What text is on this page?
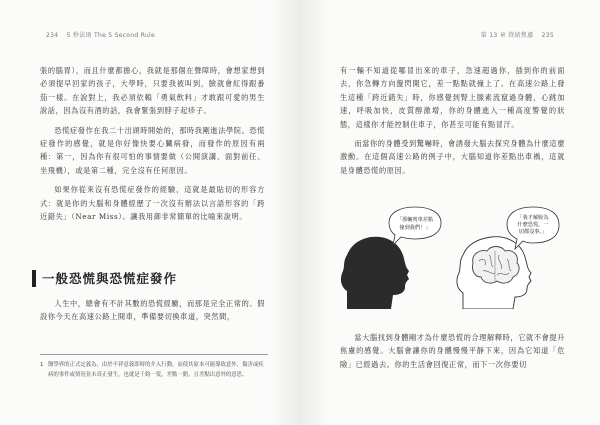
234 5 秒法則 The 5 Second Rule

張的腦胃），而且什麼都擔心，我就是那個在聲障時，會想家想到必須提早回家的孩子，大學時，只要我被叫到，臉就會紅得跟番茄一樣。在說對上，我必須依賴「勇氣飲料」才敢跟可愛的男生說話，因為沒有酒的話，我會緊張到脖子起疹子。

恐慌症發作在我二十出頭時開始的，那時我剛進法學院。恐慌症發作的感覺，就是你好像快要心臟病發，而發作的原因有兩種：第一，因為你有很可怕的事情要做（公開演講、面對前任、坐飛機），或是第二種，完全沒有任何原因。

如果你從來沒有恐慌症發作的經驗，這就是最貼切的形容方式：就是你的大腦和身體經歷了一次沒有辦法以言語形容的「跨近錯失」（Near Miss）。讓我用御非常簡單的比喻來說明。

一般恐慌與恐慌症發作

人生中，總會有不計其數的恐慌經驗，而那是完全正常的。假設你今天在高速公路上開車，準備要切換車道，突然間，

1 醫學界的正式定義為，由於不祥意義即時的介入行動，而使其原本可能導致意外，傷害或疾病的事件或情況並未真正發生，也就是千鈞一髮，差點一錯，且差點出意外的意思。
第 13 章 終結焦慮 235

有一輛不知道從哪冒出來的車子，急速超過你，插到你的前面去，你急轉方向盤閃開它，差一點點就撞上了。在高速公路上發生這種「跨近錯失」時，你感覺到腎上腺素流竄過身體，心跳加速，呼吸加快，皮質醇激增，你的身體進入一種高度警覺的狀態，這樣你才能控制住車子，你甚至可能有點冒汗。

而當你的身體受到驚嚇時，會誘發大腦去探究身體為什麼這麼激動。在這個高速公路的例子中，大腦知道你差點出車禍，這就是身體恐慌的原因。

當大腦找到身體剛才為什麼恐慌的合理解釋時，它就不會提升焦慮的感覺。大腦會讓你的身體慢慢平靜下來，因為它知道「危險」已經過去。你的生活會回復正常，而下一次你要切

「那輛賓車差點
撞到我們！」
「我才解脫為
什麼恐慌，一
切都沒事。」
